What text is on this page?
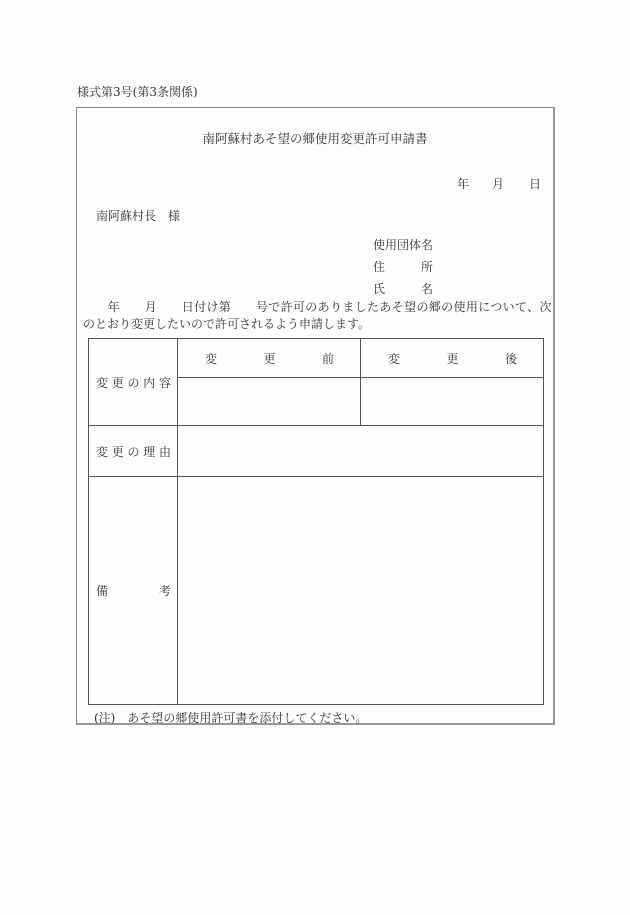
様式第3号(第3条関係)
南阿蘇村あそ望の郷使用変更許可申請書
年 月 日
南阿蘇村長　様
使用団体名
住　　　所
氏　　　名
　　年　　月　　日付け第　　号で許可のありましたあそ望の郷の使用について、次
のとおり変更したいので許可されるよう申請します。
変更の内容	変更前	変更後

変更の理由		
備考		
(注)　あそ望の郷使用許可書を添付してください。
